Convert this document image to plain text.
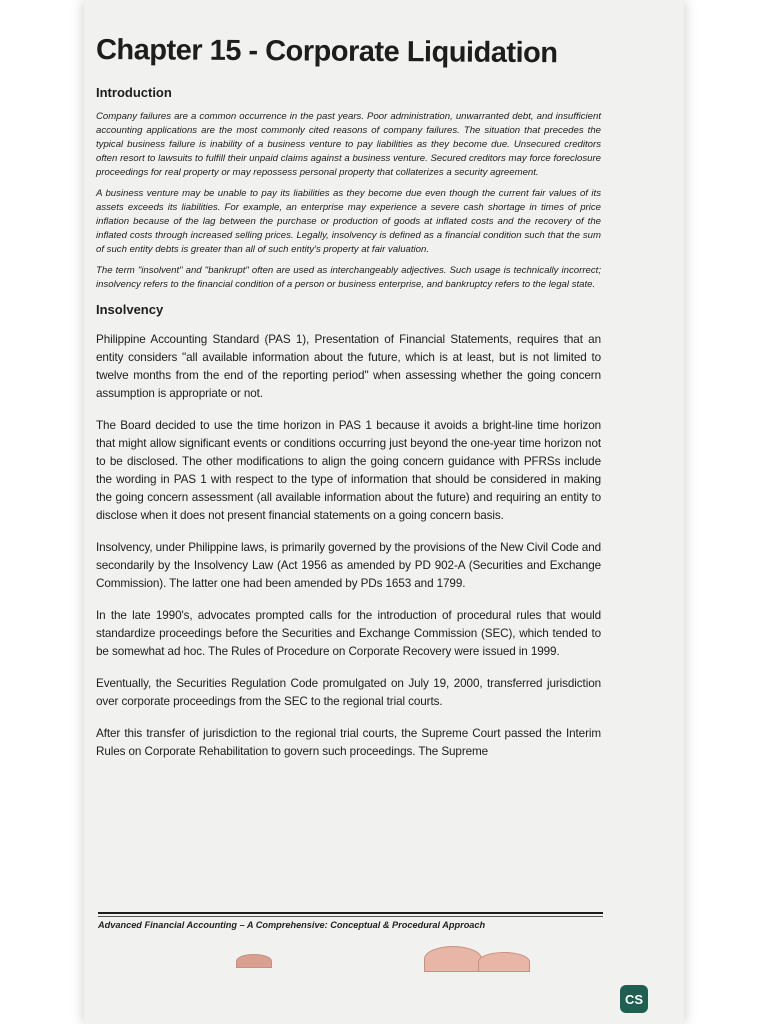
Chapter 15 - Corporate Liquidation
Introduction

Company failures are a common occurrence in the past years. Poor administration, unwarranted debt, and insufficient accounting applications are the most commonly cited reasons of company failures. The situation that precedes the typical business failure is inability of a business venture to pay liabilities as they become due. Unsecured creditors often resort to lawsuits to fulfill their unpaid claims against a business venture. Secured creditors may force foreclosure proceedings for real property or may repossess personal property that collaterizes a security agreement.

A business venture may be unable to pay its liabilities as they become due even though the current fair values of its assets exceeds its liabilities. For example, an enterprise may experience a severe cash shortage in times of price inflation because of the lag between the purchase or production of goods at inflated costs and the recovery of the inflated costs through increased selling prices. Legally, insolvency is defined as a financial condition such that the sum of such entity debts is greater than all of such entity's property at fair valuation.

The term "insolvent" and "bankrupt" often are used as interchangeably adjectives. Such usage is technically incorrect; insolvency refers to the financial condition of a person or business enterprise, and bankruptcy refers to the legal state.

Insolvency

Philippine Accounting Standard (PAS 1), Presentation of Financial Statements, requires that an entity considers "all available information about the future, which is at least, but is not limited to twelve months from the end of the reporting period" when assessing whether the going concern assumption is appropriate or not.

The Board decided to use the time horizon in PAS 1 because it avoids a bright-line time horizon that might allow significant events or conditions occurring just beyond the one-year time horizon not to be disclosed. The other modifications to align the going concern guidance with PFRSs include the wording in PAS 1 with respect to the type of information that should be considered in making the going concern assessment (all available information about the future) and requiring an entity to disclose when it does not present financial statements on a going concern basis.

Insolvency, under Philippine laws, is primarily governed by the provisions of the New Civil Code and secondarily by the Insolvency Law (Act 1956 as amended by PD 902-A (Securities and Exchange Commission). The latter one had been amended by PDs 1653 and 1799.

In the late 1990's, advocates prompted calls for the introduction of procedural rules that would standardize proceedings before the Securities and Exchange Commission (SEC), which tended to be somewhat ad hoc. The Rules of Procedure on Corporate Recovery were issued in 1999.

Eventually, the Securities Regulation Code promulgated on July 19, 2000, transferred jurisdiction over corporate proceedings from the SEC to the regional trial courts.

After this transfer of jurisdiction to the regional trial courts, the Supreme Court passed the Interim Rules on Corporate Rehabilitation to govern such proceedings. The Supreme

Advanced Financial Accounting – A Comprehensive: Conceptual & Procedural Approach
CS
